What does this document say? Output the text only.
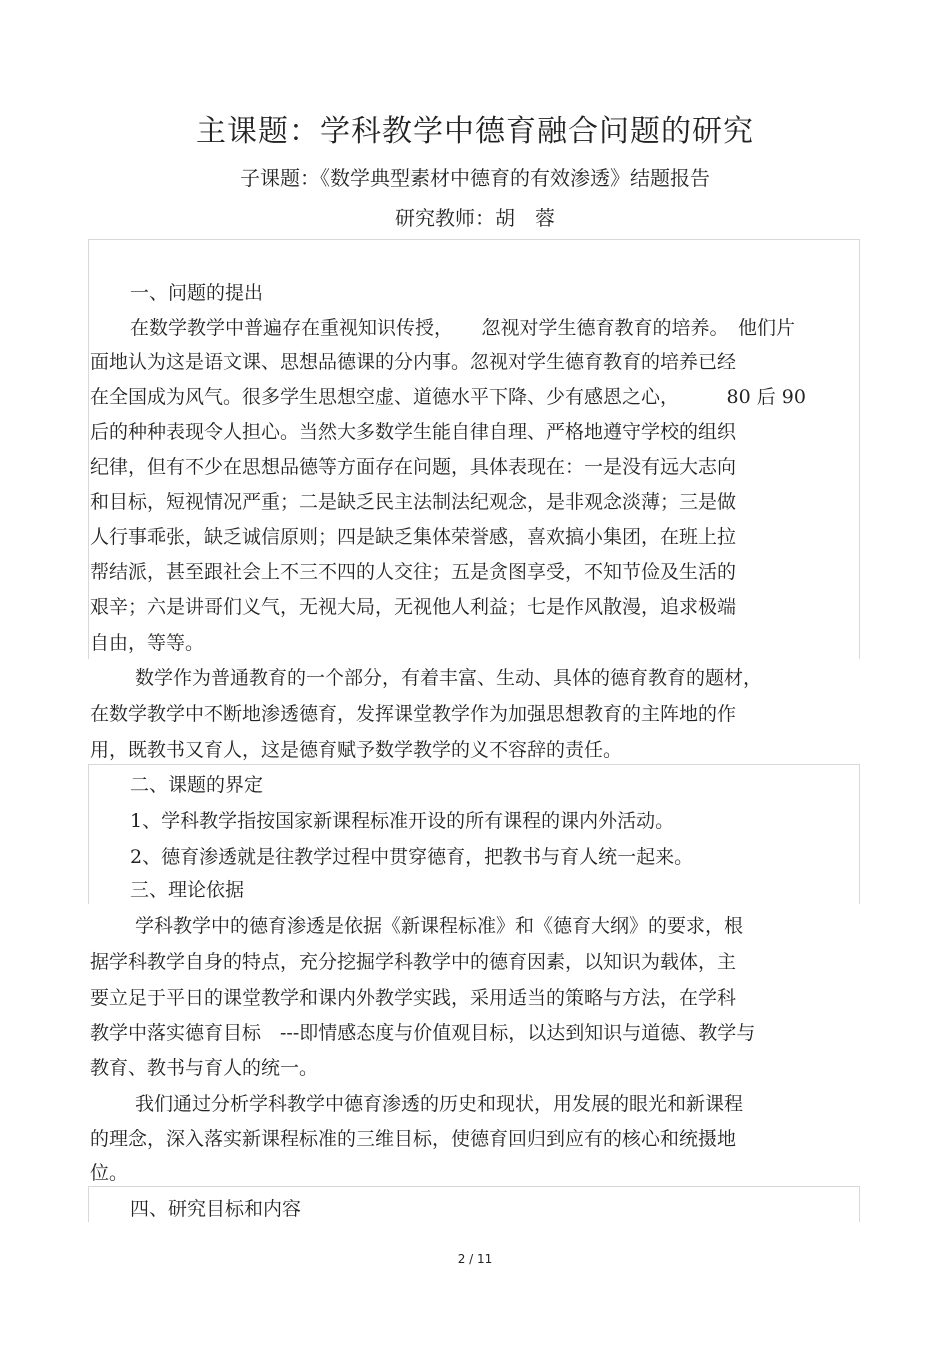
主课题：学科教学中德育融合问题的研究
子课题：《数学典型素材中德育的有效渗透》结题报告
研究教师：胡　蓉
一、问题的提出
在数学教学中普遍存在重视知识传授，　　忽视对学生德育教育的培养。　他们片
面地认为这是语文课、思想品德课的分内事。忽视对学生德育教育的培养已经
在全国成为风气。很多学生思想空虚、道德水平下降、少有感恩之心，　　　80 后 90
后的种种表现令人担心。当然大多数学生能自律自理、严格地遵守学校的组织
纪律，但有不少在思想品德等方面存在问题，具体表现在：一是没有远大志向
和目标，短视情况严重；二是缺乏民主法制法纪观念，是非观念淡薄；三是做
人行事乖张，缺乏诚信原则；四是缺乏集体荣誉感，喜欢搞小集团，在班上拉
帮结派，甚至跟社会上不三不四的人交往；五是贪图享受，不知节俭及生活的
艰辛；六是讲哥们义气，无视大局，无视他人利益；七是作风散漫，追求极端
自由，等等。
数学作为普通教育的一个部分，有着丰富、生动、具体的德育教育的题材，
在数学教学中不断地渗透德育，发挥课堂教学作为加强思想教育的主阵地的作
用，既教书又育人，这是德育赋予数学教学的义不容辞的责任。
二、课题的界定
1、学科教学指按国家新课程标准开设的所有课程的课内外活动。
2、德育渗透就是往教学过程中贯穿德育，把教书与育人统一起来。
三、理论依据
学科教学中的德育渗透是依据《新课程标准》和《德育大纲》的要求，根
据学科教学自身的特点，充分挖掘学科教学中的德育因素，以知识为载体，主
要立足于平日的课堂教学和课内外教学实践，采用适当的策略与方法，在学科
教学中落实德育目标　---即情感态度与价值观目标，以达到知识与道德、教学与
教育、教书与育人的统一。
我们通过分析学科教学中德育渗透的历史和现状，用发展的眼光和新课程
的理念，深入落实新课程标准的三维目标，使德育回归到应有的核心和统摄地
位。
四、研究目标和内容
2 / 11
